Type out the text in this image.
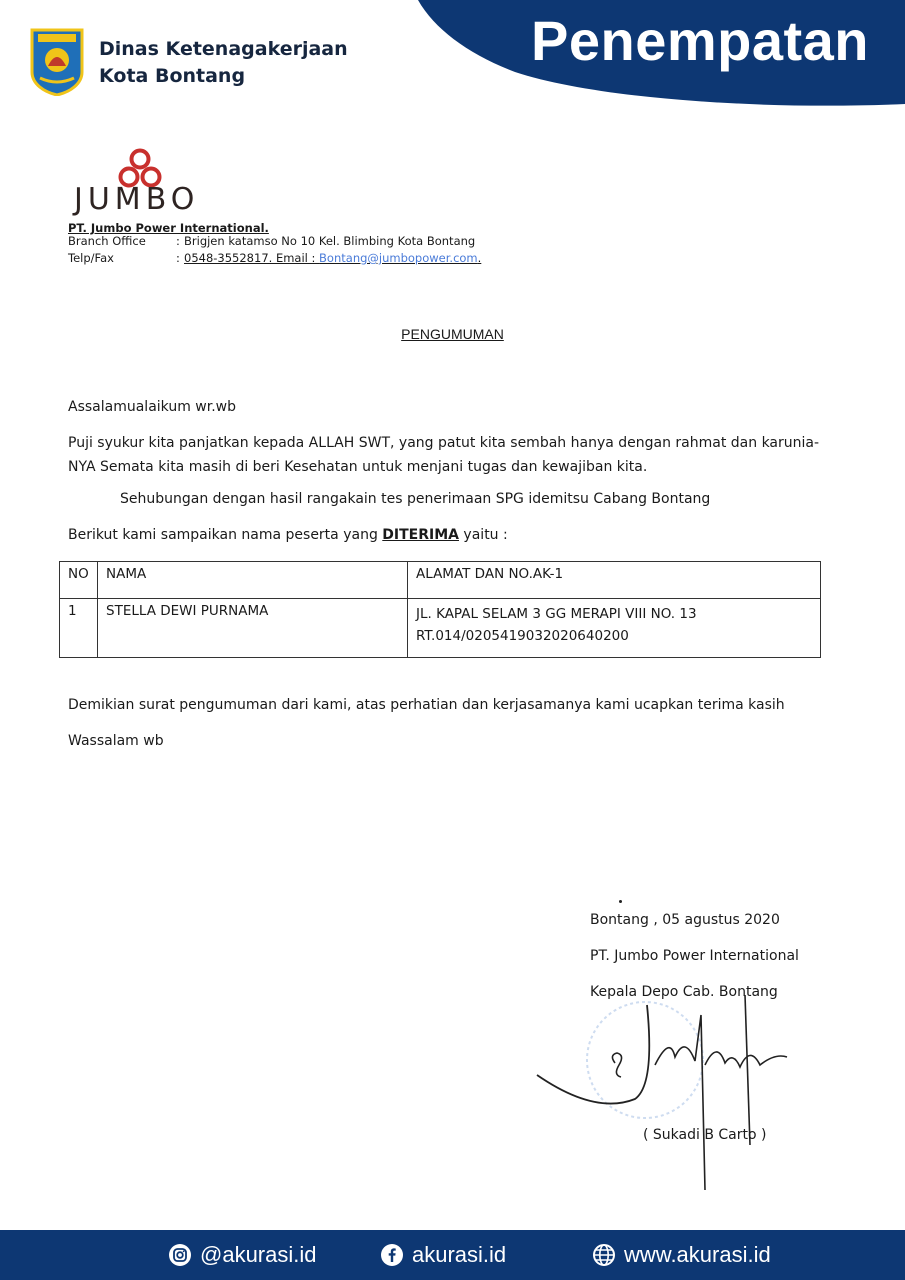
Dinas Ketenagakerjaan
Kota Bontang
Penempatan
JUMBO
PT. Jumbo Power International.
Branch Office	: Brigjen katamso No 10 Kel. Blimbing Kota Bontang
Telp/Fax	: 0548-3552817. Email : Bontang@jumbopower.com.
PENGUMUMAN
Assalamualaikum wr.wb
Puji syukur kita panjatkan kepada ALLAH SWT, yang patut kita sembah hanya dengan rahmat dan karunia-NYA Semata kita masih di beri Kesehatan untuk menjani tugas dan kewajiban kita.
Sehubungan dengan hasil rangakain tes penerimaan SPG idemitsu Cabang Bontang
Berikut kami sampaikan nama peserta yang DITERIMA yaitu :
NO	NAMA	ALAMAT DAN NO.AK-1
1	STELLA DEWI PURNAMA	JL. KAPAL SELAM 3 GG MERAPI VIII NO. 13
RT.014/0205419032020640200
Demikian surat pengumuman dari kami, atas perhatian dan kerjasamanya kami ucapkan terima kasih
Wassalam wb
Bontang , 05 agustus 2020
PT. Jumbo Power International
Kepala Depo Cab. Bontang
( Sukadi B Carto )
@akurasi.id	akurasi.id	www.akurasi.id
